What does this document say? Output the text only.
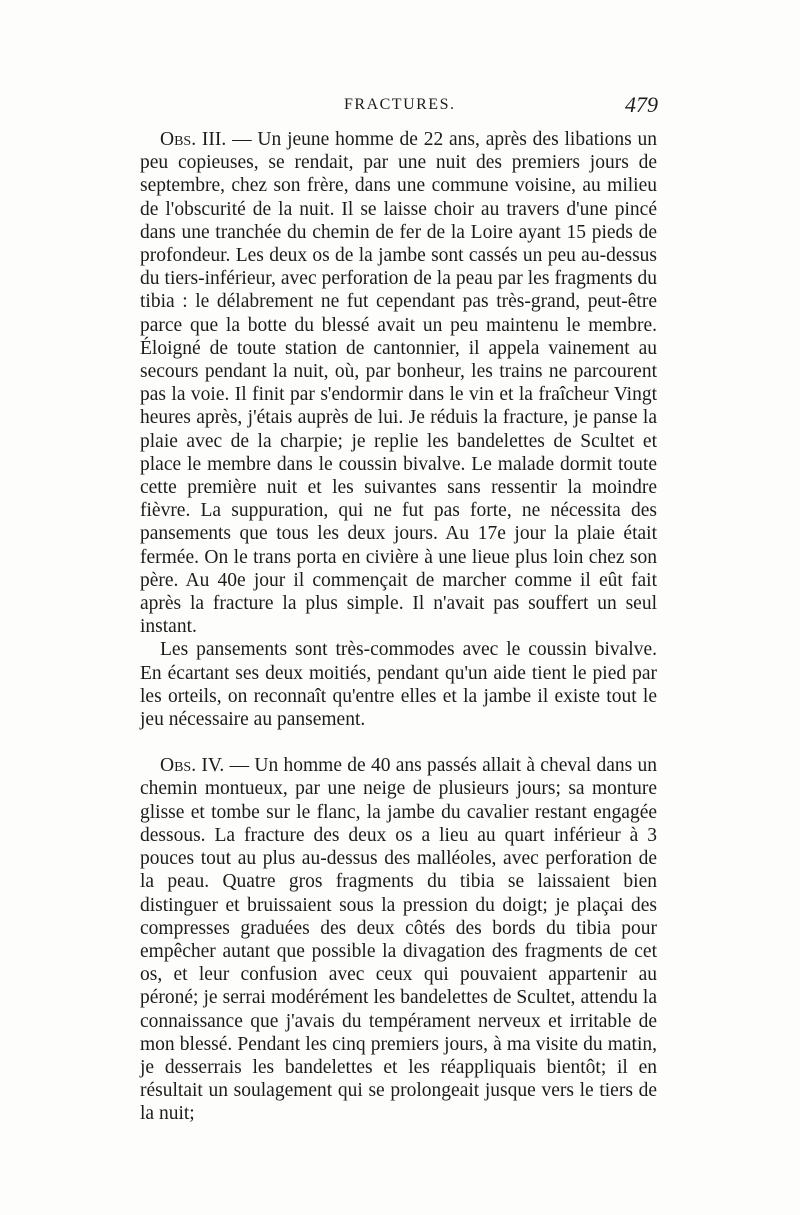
FRACTURES.	479

Obs. III. — Un jeune homme de 22 ans, après des libations un peu copieuses, se rendait, par une nuit des premiers jours de septembre, chez son frère, dans une commune voisine, au milieu de l'obscurité de la nuit. Il se laisse choir au travers d'une pincé dans une tranchée du chemin de fer de la Loire ayant 15 pieds de profondeur. Les deux os de la jambe sont cassés un peu au-dessus du tiers-inférieur, avec perforation de la peau par les fragments du tibia : le délabrement ne fut cependant pas très-grand, peut-être parce que la botte du blessé avait un peu maintenu le membre. Éloigné de toute station de cantonnier, il appela vainement au secours pendant la nuit, où, par bonheur, les trains ne parcourent pas la voie. Il finit par s'endormir dans le vin et la fraîcheur Vingt heures après, j'étais auprès de lui. Je réduis la fracture, je panse la plaie avec de la charpie; je replie les bandelettes de Scultet et place le membre dans le coussin bivalve. Le malade dormit toute cette première nuit et les suivantes sans ressentir la moindre fièvre. La suppuration, qui ne fut pas forte, ne nécessita des pansements que tous les deux jours. Au 17e jour la plaie était fermée. On le trans porta en civière à une lieue plus loin chez son père. Au 40e jour il commençait de marcher comme il eût fait après la fracture la plus simple. Il n'avait pas souffert un seul instant.

Les pansements sont très-commodes avec le coussin bivalve. En écartant ses deux moitiés, pendant qu'un aide tient le pied par les orteils, on reconnaît qu'entre elles et la jambe il existe tout le jeu nécessaire au pansement.

Obs. IV. — Un homme de 40 ans passés allait à cheval dans un chemin montueux, par une neige de plusieurs jours; sa monture glisse et tombe sur le flanc, la jambe du cavalier restant engagée dessous. La fracture des deux os a lieu au quart inférieur à 3 pouces tout au plus au-dessus des malléoles, avec perforation de la peau. Quatre gros fragments du tibia se laissaient bien distinguer et bruissaient sous la pression du doigt; je plaçai des compresses graduées des deux côtés des bords du tibia pour empêcher autant que possible la divagation des fragments de cet os, et leur confusion avec ceux qui pouvaient appartenir au péroné; je serrai modérément les bandelettes de Scultet, attendu la connaissance que j'avais du tempérament nerveux et irritable de mon blessé. Pendant les cinq premiers jours, à ma visite du matin, je desserrais les bandelettes et les réappliquais bientôt; il en résultait un soulagement qui se prolongeait jusque vers le tiers de la nuit;
